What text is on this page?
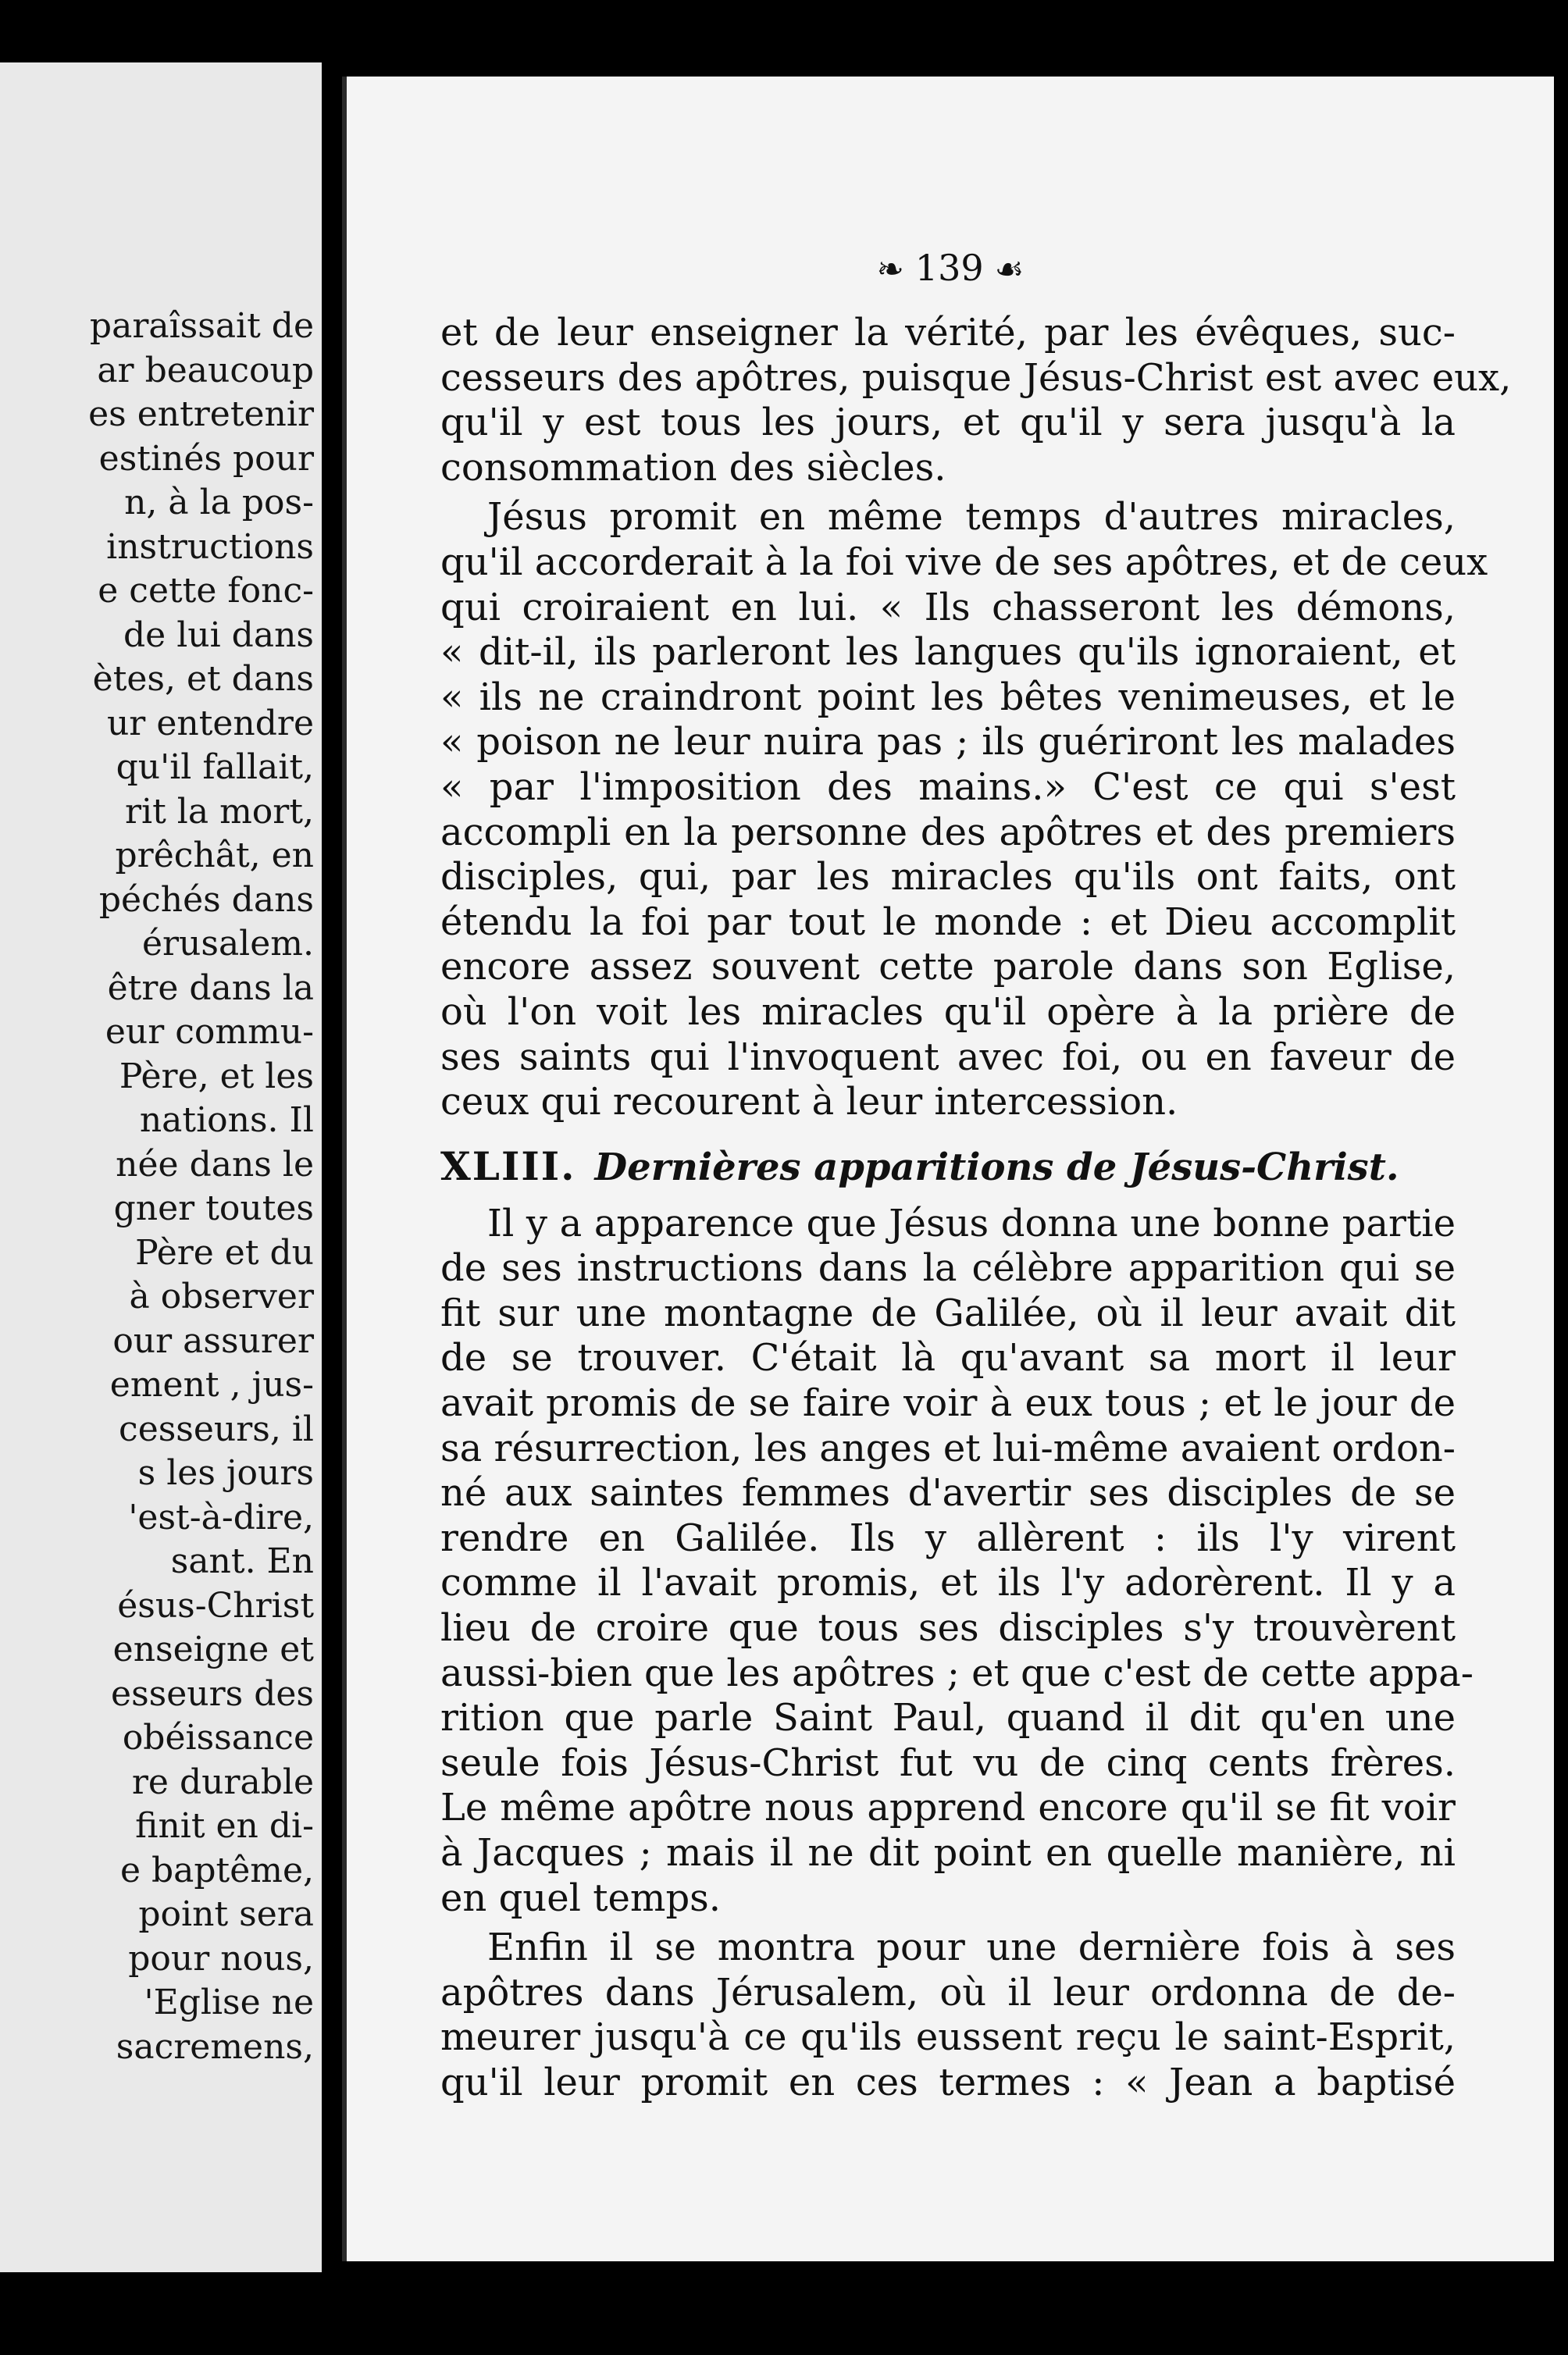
paraîssait de
ar beaucoup
es entretenir
estinés pour
n, à la pos-
instructions
e cette fonc-
de lui dans
ètes, et dans
ur entendre
qu'il fallait,
rit la mort,
prêchât, en
péchés dans
érusalem.
être dans la
eur commu-
Père, et les
nations. Il
née dans le
gner toutes
Père et du
à observer
our assurer
ement , jus-
cesseurs, il
s les jours
'est-à-dire,
sant. En
ésus-Christ
enseigne et
esseurs des
obéissance
re durable
finit en di-
e baptême,
point sera
pour nous,
'Eglise ne
sacremens,
❧ 139 ☙
et de leur enseigner la vérité, par les évêques, suc-
cesseurs des apôtres, puisque Jésus-Christ est avec eux,
qu'il y est tous les jours, et qu'il y sera jusqu'à la
consommation des siècles.
Jésus promit en même temps d'autres miracles,
qu'il accorderait à la foi vive de ses apôtres, et de ceux
qui croiraient en lui. « Ils chasseront les démons,
« dit-il, ils parleront les langues qu'ils ignoraient, et
« ils ne craindront point les bêtes venimeuses, et le
« poison ne leur nuira pas ; ils guériront les malades
« par l'imposition des mains.» C'est ce qui s'est
accompli en la personne des apôtres et des premiers
disciples, qui, par les miracles qu'ils ont faits, ont
étendu la foi par tout le monde : et Dieu accomplit
encore assez souvent cette parole dans son Eglise,
où l'on voit les miracles qu'il opère à la prière de
ses saints qui l'invoquent avec foi, ou en faveur de
ceux qui recourent à leur intercession.
XLIII. Dernières apparitions de Jésus-Christ.
Il y a apparence que Jésus donna une bonne partie
de ses instructions dans la célèbre apparition qui se
fit sur une montagne de Galilée, où il leur avait dit
de se trouver. C'était là qu'avant sa mort il leur
avait promis de se faire voir à eux tous ; et le jour de
sa résurrection, les anges et lui-même avaient ordon-
né aux saintes femmes d'avertir ses disciples de se
rendre en Galilée. Ils y allèrent : ils l'y virent
comme il l'avait promis, et ils l'y adorèrent. Il y a
lieu de croire que tous ses disciples s'y trouvèrent
aussi-bien que les apôtres ; et que c'est de cette appa-
rition que parle Saint Paul, quand il dit qu'en une
seule fois Jésus-Christ fut vu de cinq cents frères.
Le même apôtre nous apprend encore qu'il se fit voir
à Jacques ; mais il ne dit point en quelle manière, ni
en quel temps.
Enfin il se montra pour une dernière fois à ses
apôtres dans Jérusalem, où il leur ordonna de de-
meurer jusqu'à ce qu'ils eussent reçu le saint-Esprit,
qu'il leur promit en ces termes : « Jean a baptisé
